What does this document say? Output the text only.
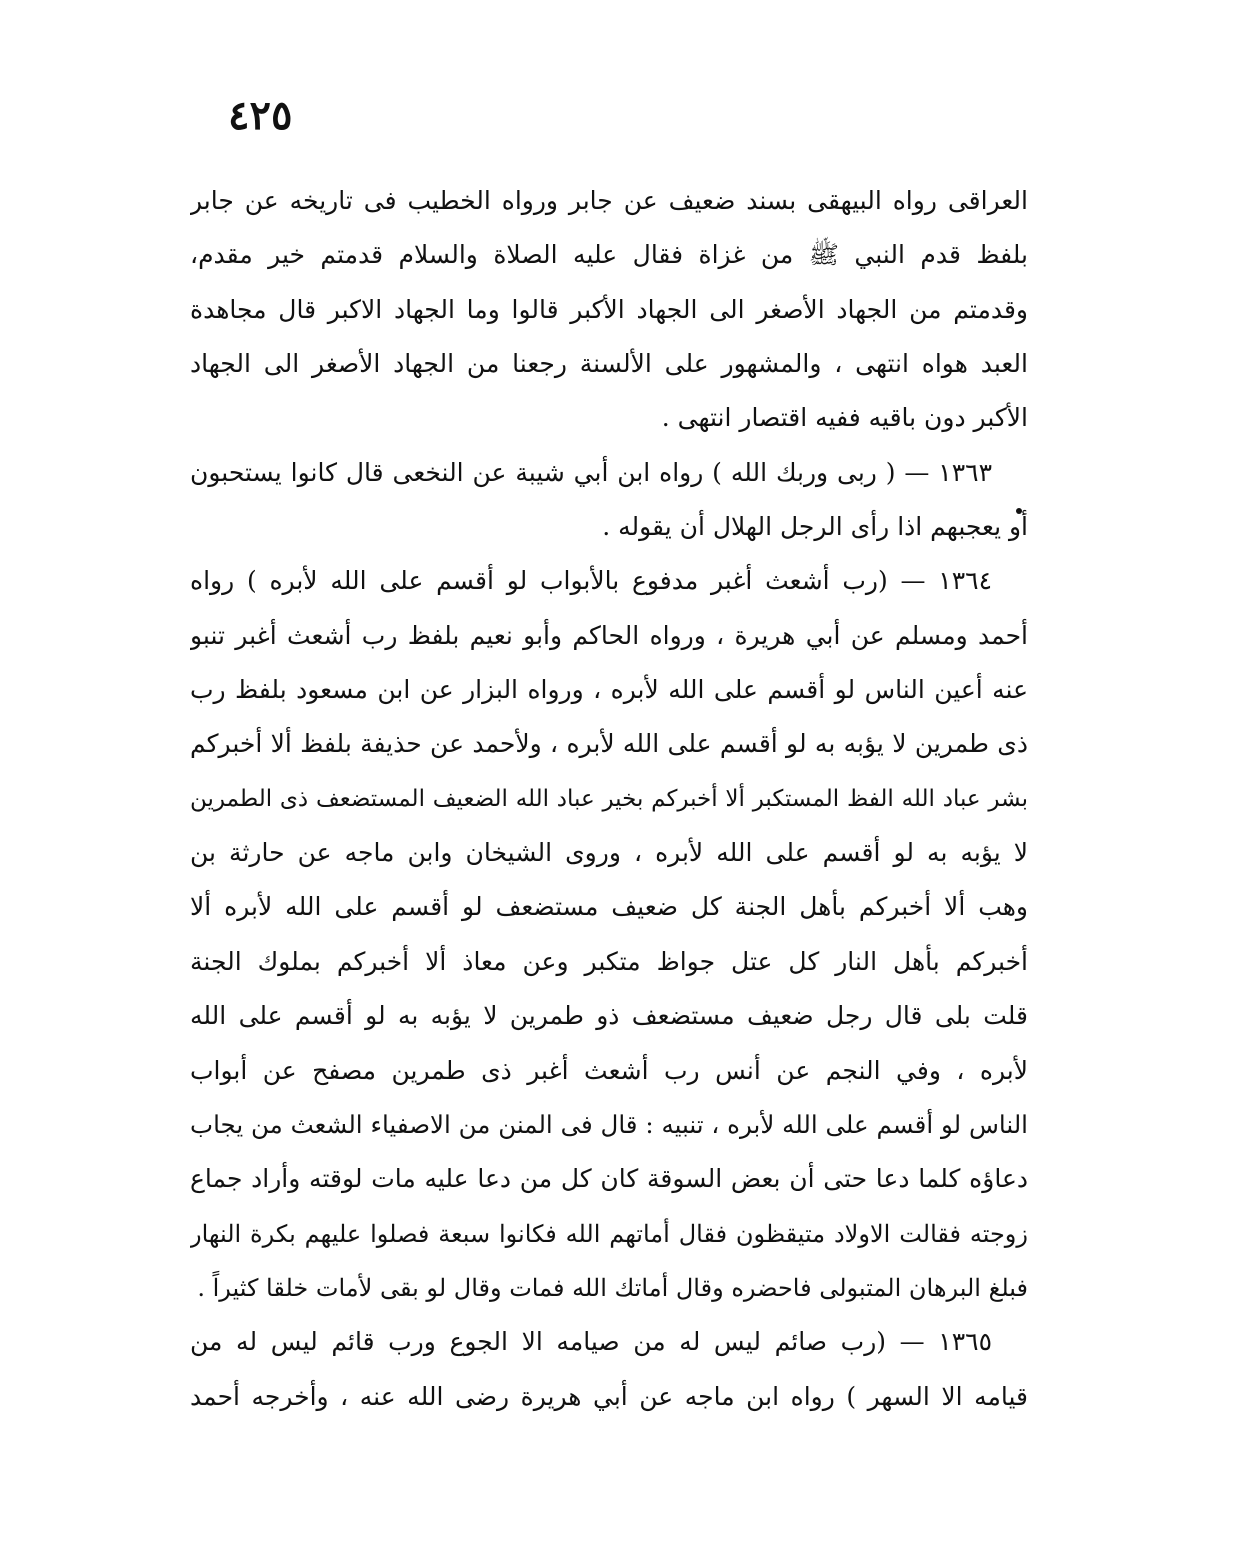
٤٢٥
العراقى رواه البيهقى بسند ضعيف عن جابر ورواه الخطيب فى تاريخه عن جابر
بلفظ قدم النبي ﷺ من غزاة فقال عليه الصلاة والسلام قدمتم خير مقدم،
وقدمتم من الجهاد الأصغر الى الجهاد الأكبر قالوا وما الجهاد الاكبر قال مجاهدة
العبد هواه انتهى ، والمشهور على الألسنة رجعنا من الجهاد الأصغر الى الجهاد
الأكبر دون باقيه ففيه اقتصار انتهى .
١٣٦٣ — ( ربى وربك الله ) رواه ابن أبي شيبة عن النخعى قال كانوا يستحبون
أو يعجبهم اذا رأى الرجل الهلال أن يقوله .
١٣٦٤ — (رب أشعث أغبر مدفوع بالأبواب لو أقسم على الله لأبره ) رواه
أحمد ومسلم عن أبي هريرة ، ورواه الحاكم وأبو نعيم بلفظ رب أشعث أغبر تنبو
عنه أعين الناس لو أقسم على الله لأبره ، ورواه البزار عن ابن مسعود بلفظ رب
ذى طمرين لا يؤبه به لو أقسم على الله لأبره ، ولأحمد عن حذيفة بلفظ ألا أخبركم
بشر عباد الله الفظ المستكبر ألا أخبركم بخير عباد الله الضعيف المستضعف ذى الطمرين
لا يؤبه به لو أقسم على الله لأبره ، وروى الشيخان وابن ماجه عن حارثة بن
وهب ألا أخبركم بأهل الجنة كل ضعيف مستضعف لو أقسم على الله لأبره ألا
أخبركم بأهل النار كل عتل جواظ متكبر وعن معاذ ألا أخبركم بملوك الجنة
قلت بلى قال رجل ضعيف مستضعف ذو طمرين لا يؤبه به لو أقسم على الله
لأبره ، وفي النجم عن أنس رب أشعث أغبر ذى طمرين مصفح عن أبواب
الناس لو أقسم على الله لأبره ، تنبيه : قال فى المنن من الاصفياء الشعث من يجاب
دعاؤه كلما دعا حتى أن بعض السوقة كان كل من دعا عليه مات لوقته وأراد جماع
زوجته فقالت الاولاد متيقظون فقال أماتهم الله فكانوا سبعة فصلوا عليهم بكرة النهار
فبلغ البرهان المتبولى فاحضره وقال أماتك الله فمات وقال لو بقى لأمات خلقا كثيراً .
١٣٦٥ — (رب صائم ليس له من صيامه الا الجوع ورب قائم ليس له من
قيامه الا السهر ) رواه ابن ماجه عن أبي هريرة رضى الله عنه ، وأخرجه أحمد
